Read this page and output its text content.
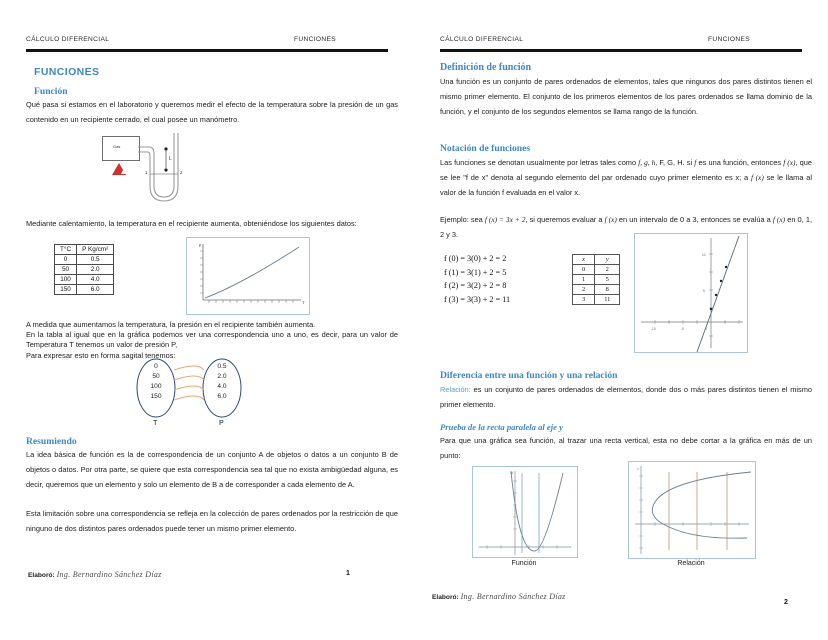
CÁLCULO DIFERENCIAL	FUNCIONES
FUNCIONES
Función

Qué pasa si estamos en el laboratorio y queremos medir el efecto de la temperatura sobre la presión de un gas contenido en un recipiente cerrado, el cual posee un manómetro.

Gas
L
1	2

Mediante calentamiento, la temperatura en el recipiente aumenta, obteniéndose los siguientes datos:

T°C	P Kg/cm²
0	0.5
50	2.0
100	4.0
150	6.0
P
T

A medida que aumentamos la temperatura, la presión en el recipiente también aumenta.

En la tabla al igual que en la gráfica podemos ver una correspondencia uno a uno, es decir, para un valor de Temperatura T tenemos un valor de presión P,

Para expresar esto en forma sagital tenemos:

0
50
100
150
0.5
2.0
4.0
6.0
T	P
Resumiendo

La idea básica de función es la de correspondencia de un conjunto A de objetos o datos a un conjunto B de objetos o datos. Por otra parte, se quiere que esta correspondencia sea tal que no exista ambigüedad alguna, es decir, queremos que un elemento y solo un elemento de B a de corresponder a cada elemento de A.

Esta limitación sobre una correspondencia se refleja en la colección de pares ordenados por la restricción de que ninguno de dos distintos pares ordenados puede tener un mismo primer elemento.

Elaboró: Ing. Bernardino Sánchez Díaz	1
CÁLCULO DIFERENCIAL	FUNCIONES
Definición de función

Una función es un conjunto de pares ordenados de elementos, tales que ningunos dos pares distintos tienen el mismo primer elemento. El conjunto de los primeros elementos de los pares ordenados se llama dominio de la función, y el conjunto de los segundos elementos se llama rango de la función.

Notación de funciones

Las funciones se denotan usualmente por letras tales como f, g, h, F, G, H. si f es una función, entonces f (x), que se lee "f de x" denota al segundo elemento del par ordenado cuyo primer elemento es x; a f (x) se le llama al valor de la función f evaluada en el valor x.

Ejemplo: sea f (x) = 3x + 2, si queremos evaluar a f (x) en un intervalo de 0 a 3, entonces se evalúa a f (x) en 0, 1, 2 y 3.

f (0) = 3(0) + 2 = 2
f (1) = 3(1) + 2 = 5
f (2) = 3(2) + 2 = 8
f (3) = 3(3) + 2 = 11
x	y
0	2
1	5
2	8
3	11
-10	-5	0
10
5
Diferencia entre una función y una relación

Relación: es un conjunto de pares ordenados de elementos, donde dos o más pares distintos tienen el mismo primer elemento.

Prueba de la recta paralela al eje y

Para que una gráfica sea función, al trazar una recta vertical, esta no debe cortar a la gráfica en más de un punto:

20
Función
4
Relación
Elaboró: Ing. Bernardino Sánchez Díaz
2
